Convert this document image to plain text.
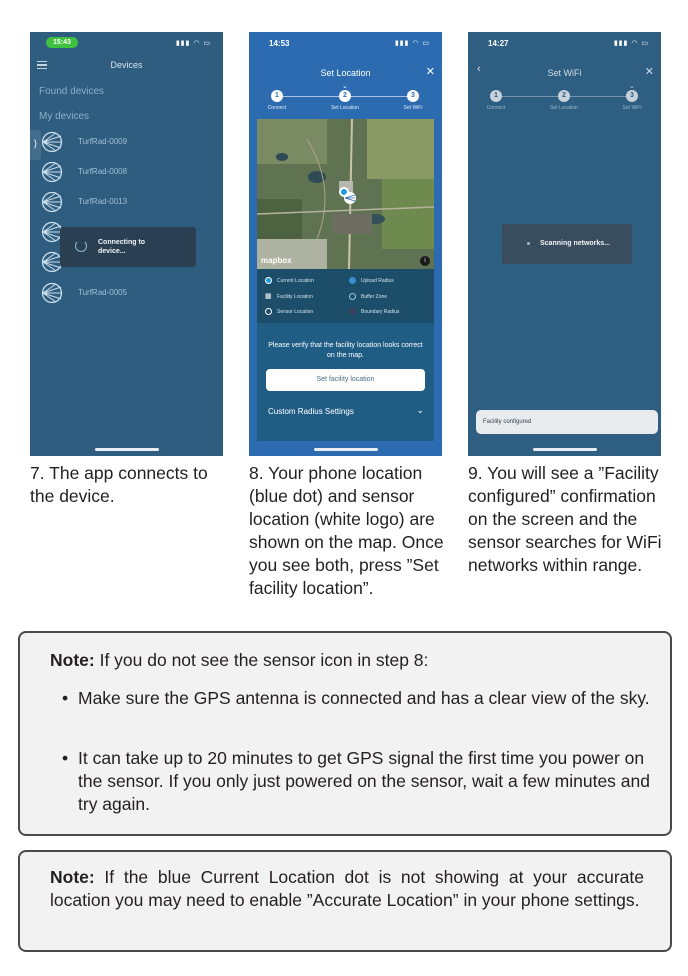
15:43	▮▮▮ ◠ ▭
Devices
Found devices
My devices
⟩	TurfRad-0009
TurfRad-0008
TurfRad-0013
TurfRad-0005
Connecting to
device...
14:53	▮▮▮ ◠ ▭
Set Location	✕
1	2
⌄
3
Connect	Set Location	Set WiFi
mapbox	i
Current Location	Upload Radius
▦ Facility Location	Buffer Zone
Sensor Location	Boundary Radius
Please verify that the facility location looks correct on the map.
Set facility location
Custom Radius Settings	⌄
14:27	▮▮▮ ◠ ▭
‹	Set WiFi	✕
1	2	3
⌄
Connect	Set Location	Set WiFi
Scanning networks...
Facility configured
7. The app connects to the device.
8. Your phone location (blue dot) and sensor location (white logo) are shown on the map. Once you see both, press ”Set facility location”.
9. You will see a ”Facility configured” confirmation on the screen and the sensor searches for WiFi networks within range.
Note: If you do not see the sensor icon in step 8:
• Make sure the GPS antenna is connected and has a clear view of the sky.
• It can take up to 20 minutes to get GPS signal the first time you power on the sensor. If you only just powered on the sensor, wait a few minutes and try again.
Note: If the blue Current Location dot is not showing at your accurate location you may need to enable ”Accurate Location” in your phone settings.
